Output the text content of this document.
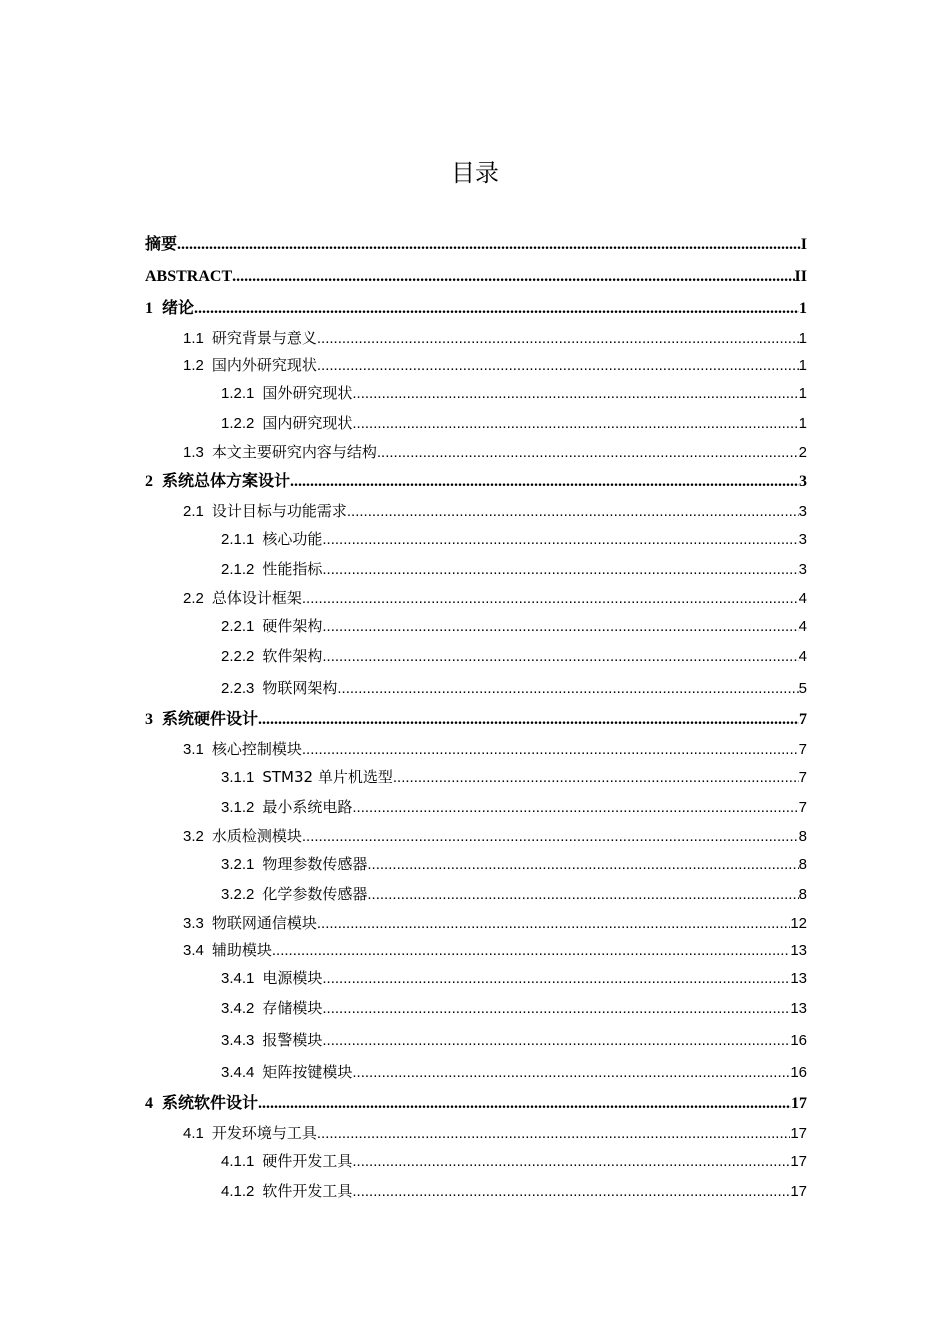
目录
摘要 .....	I
ABSTRACT .....	II
1 绪论 .....	1
1.1 研究背景与意义 .....	1
1.2 国内外研究现状 .....	1
1.2.1 国外研究现状 .....	1
1.2.2 国内研究现状 .....	1
1.3 本文主要研究内容与结构 .....	2
2 系统总体方案设计 .....	3
2.1 设计目标与功能需求 .....	3
2.1.1 核心功能 .....	3
2.1.2 性能指标 .....	3
2.2 总体设计框架 .....	4
2.2.1 硬件架构 .....	4
2.2.2 软件架构 .....	4
2.2.3 物联网架构 .....	5
3 系统硬件设计 .....	7
3.1 核心控制模块 .....	7
3.1.1 STM32 单片机选型 .....	7
3.1.2 最小系统电路 .....	7
3.2 水质检测模块 .....	8
3.2.1 物理参数传感器 .....	8
3.2.2 化学参数传感器 .....	8
3.3 物联网通信模块 .....	12
3.4 辅助模块 .....	13
3.4.1 电源模块 .....	13
3.4.2 存储模块 .....	13
3.4.3 报警模块 .....	16
3.4.4 矩阵按键模块 .....	16
4 系统软件设计 .....	17
4.1 开发环境与工具 .....	17
4.1.1 硬件开发工具 .....	17
4.1.2 软件开发工具 .....	17
